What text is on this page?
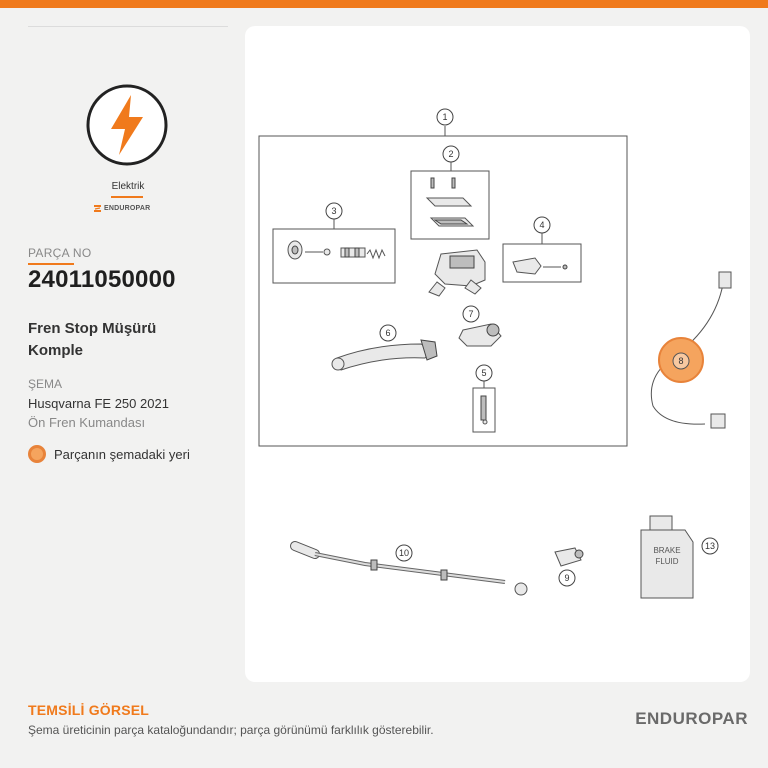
Elektrik
ENDUROPAR
PARÇA NO
24011050000
Fren Stop Müşürü
Komple
ŞEMA
Husqvarna FE 250 2021
Ön Fren Kumandası
Parçanın şemadaki yeri
1
2
3
4
7
6
5
8
10
9
BRAKE
FLUID
13
TEMSİLİ GÖRSEL
Şema üreticinin parça kataloğundandır; parça görünümü farklılık gösterebilir.
ENDUROPAR
